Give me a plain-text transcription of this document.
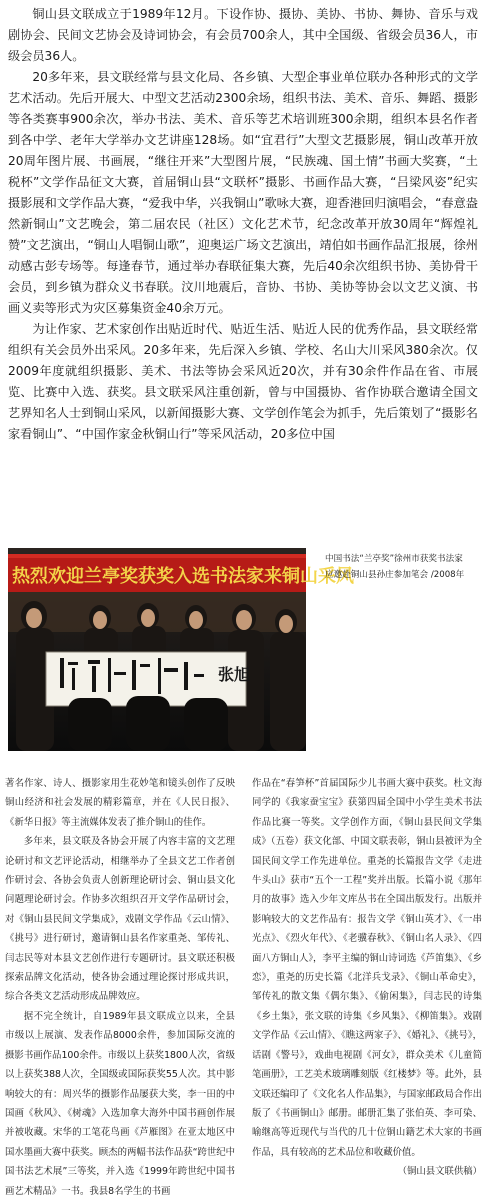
铜山县文联成立于1989年12月。下设作协、摄协、美协、书协、舞协、音乐与戏剧协会、民间文艺协会及诗词协会，有会员700余人，其中全国级、省级会员36人，市级会员36人。

20多年来，县文联经常与县文化局、各乡镇、大型企事业单位联办各种形式的文学艺术活动。先后开展大、中型文艺活动2300余场，组织书法、美术、音乐、舞蹈、摄影等各类赛事900余次，举办书法、美术、音乐等艺术培训班300余期，组织本县名作者到各中学、老年大学举办文艺讲座128场。如“宜君行”大型文艺摄影展，铜山改革开放20周年图片展、书画展，“继往开来”大型图片展，“民族魂、国土情”书画大奖赛，“土税杯”文学作品征文大赛，首届铜山县“文联杯”摄影、书画作品大赛，“吕梁风姿”纪实摄影展和文学作品大赛，“爱我中华，兴我铜山”歌咏大赛，迎香港回归演唱会，“春意盎然新铜山”文艺晚会，第二届农民（社区）文化艺术节，纪念改革开放30周年“辉煌礼赞”文艺演出，“铜山人唱铜山歌”，迎奥运广场文艺演出，靖伯如书画作品汇报展，徐州动感古彭专场等。每逢春节，通过举办春联征集大赛，先后40余次组织书协、美协骨干会员，到乡镇为群众义书春联。汶川地震后，音协、书协、美协等协会以文艺义演、书画义卖等形式为灾区募集资金40余万元。

为让作家、艺术家创作出贴近时代、贴近生活、贴近人民的优秀作品，县文联经常组织有关会员外出采风。20多年来，先后深入乡镇、学校、名山大川采风380余次。仅2009年度就组织摄影、美术、书法等协会采风近20次，并有30余件作品在省、市展览、比赛中入选、获奖。县文联采风注重创新，曾与中国摄协、省作协联合邀请全国文艺界知名人士到铜山采风，以新闻摄影大赛、文学创作笔会为抓手，先后策划了“摄影名家看铜山”、“中国作家金秋铜山行”等采风活动，20多位中国

热烈欢迎兰亭奖获奖入选书法家来铜山采风
张旭
中国书法“兰亭奖”徐州市获奖书法家
应邀赴铜山县孙庄参加笔会 /2008年

著名作家、诗人、摄影家用生花妙笔和镜头创作了反映铜山经济和社会发展的精彩篇章，并在《人民日报》、《新华日报》等主流媒体发表了推介铜山的佳作。

多年来，县文联及各协会开展了内容丰富的文艺理论研讨和文艺评论活动，相继举办了全县文艺工作者创作研讨会、各协会负责人创新理论研讨会、铜山县文化问题理论研讨会。作协多次组织召开文学作品研讨会，对《铜山县民间文学集成》，戏剧文学作品《云山情》、《挑号》进行研讨，邀请铜山县名作家重尧、邹传礼、闫志民等对本县文艺创作进行专题研讨。县文联还积极探索品牌文化活动，使各协会通过理论探讨形成共识，综合各类文艺活动形成品牌效应。

据不完全统计，自1989年县文联成立以来，全县市级以上展演、发表作品8000余件，参加国际交流的摄影书画作品100余件。市级以上获奖1800人次，省级以上获奖388人次，全国级或国际获奖55人次。其中影响较大的有：周兴华的摄影作品屡获大奖，李一田的中国画《秋风》、《树魂》入选加拿大海外中国书画创作展并被收藏。宋华的工笔花鸟画《芦雁图》在亚太地区中国水墨画大赛中获奖。顾杰的两幅书法作品获“跨世纪中国书法艺术展”三等奖，并入选《1999年跨世纪中国书画艺术精品》一书。我县8名学生的书画

作品在“春笋杯”首届国际少儿书画大赛中获奖。杜文海同学的《我家蚕宝宝》获第四届全国中小学生美术书法作品比赛一等奖。文学创作方面，《铜山县民间文学集成》（五卷）获文化部、中国文联表彰，铜山县被评为全国民间文学工作先进单位。重尧的长篇报告文学《走进牛头山》获市“五个一工程”奖并出版。长篇小说《那年月的故事》选入少年文库丛书在全国出版发行。出版并影响较大的文艺作品有：报告文学《铜山英才》、《一串光点》、《烈火年代》、《老骥春秋》、《铜山名人录》、《四面八方铜山人》，李平主编的铜山诗词选《芦笛集》、《乡恋》，重尧的历史长篇《北洋兵戈录》、《铜山革命史》，邹传礼的散文集《偶尔集》、《偷闲集》，闫志民的诗集《乡土集》，张文联的诗集《乡风集》、《柳笛集》。戏剧文学作品《云山情》、《瞧这两家子》、《婚礼》、《挑号》，话剧《警号》，戏曲电视剧《河女》，群众美术《儿童简笔画册》，工艺美术玻璃雕刻版《红楼梦》等。此外，县文联还编印了《文化名人作品集》，与国家邮政局合作出版了《书画铜山》邮册。邮册汇集了张伯英、李可染、喻继高等近现代与当代的几十位铜山籍艺术大家的书画作品，具有较高的艺术品位和收藏价值。

（铜山县文联供稿）
